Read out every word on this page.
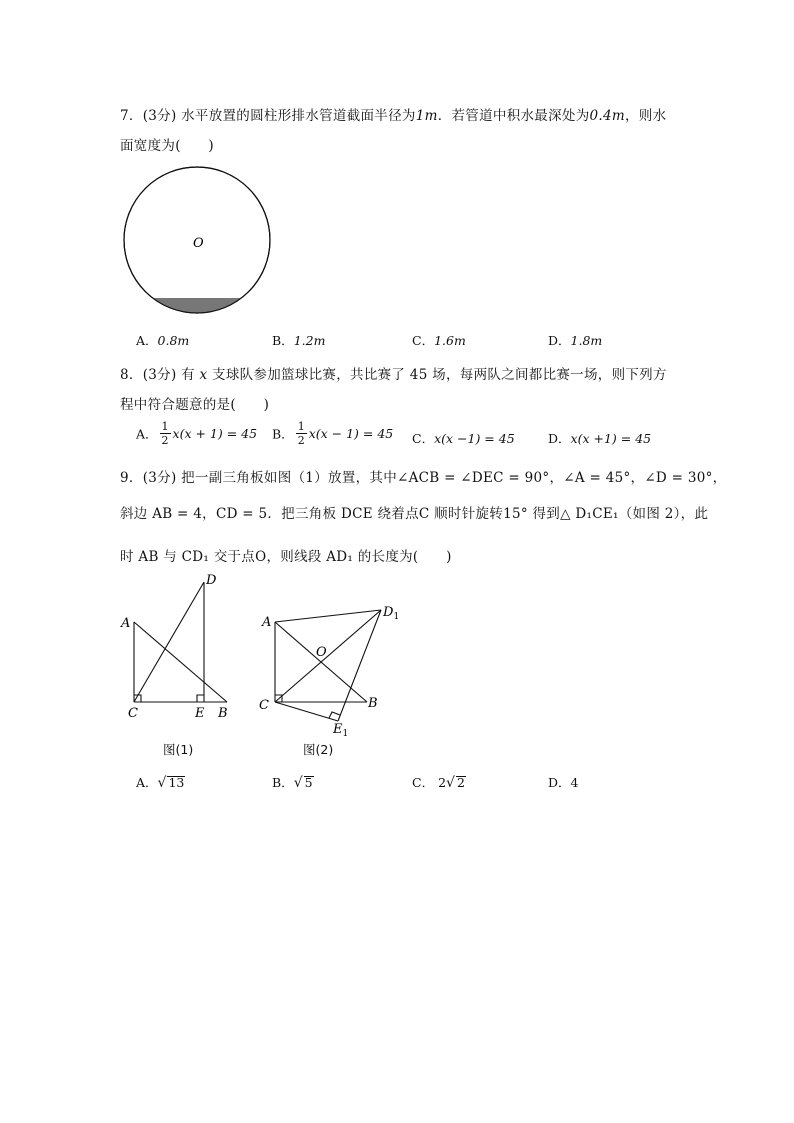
7．(3分) 水平放置的圆柱形排水管道截面半径为1m．若管道中积水最深处为0.4m，则水
面宽度为(　　)
O
A．0.8m	B．1.2m	C．1.6m	D．1.8m
8．(3分) 有 x 支球队参加篮球比赛，共比赛了 45 场，每两队之间都比赛一场，则下列方
程中符合题意的是(　　)
A． $\frac{1}{2} x(x + 1) = 45$ B． $\frac{1}{2} x(x - 1) = 45$ C．x(x −1) = 45	D．x(x +1) = 45
9．(3分) 把一副三角板如图（1）放置，其中∠ACB = ∠DEC = 90°，∠A = 45°，∠D = 30°，
斜边 AB = 4，CD = 5．把三角板 DCE 绕着点C 顺时针旋转15° 得到△ D₁CE₁（如图 2），此
时 AB 与 CD₁ 交于点O，则线段 AD₁ 的长度为(　　)
A
C	E B
D
A
O
C	B
$D_1$
$E_1$
图(1)	图(2)
A．√ 13	B．√ 5	C． 2√ 2	D．4
